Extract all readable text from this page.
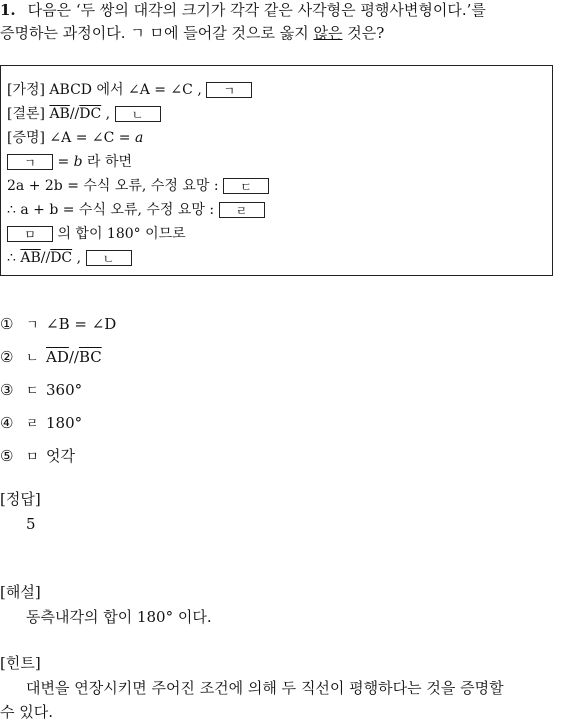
1. 다음은 ‘두 쌍의 대각의 크기가 각각 같은 사각형은 평행사변형이다.’를
증명하는 과정이다. ㄱ ㅁ에 들어갈 것으로 옳지 않은 것은?
[가정] ABCD 에서 ∠A = ∠C , ㄱ
[결론] $\overline{AB}//\overline{DC}$ , ㄴ
[증명] ∠A = ∠C = a
ㄱ = b 라 하면
2a + 2b = 수식 오류, 수정 요망 : ㄷ
∴ a + b = 수식 오류, 수정 요망 : ㄹ
ㅁ 의 합이 180° 이므로
∴ $\overline{AB}//\overline{DC}$ , ㄴ
① ㄱ ∠B = ∠D
② ㄴ $\overline{AD}//\overline{BC}$
③ ㄷ 360°
④ ㄹ 180°
⑤ ㅁ 엇각
[정답]
5
[해설]
동측내각의 합이 180° 이다.
[힌트]
대변을 연장시키면 주어진 조건에 의해 두 직선이 평행하다는 것을 증명할
수 있다.
